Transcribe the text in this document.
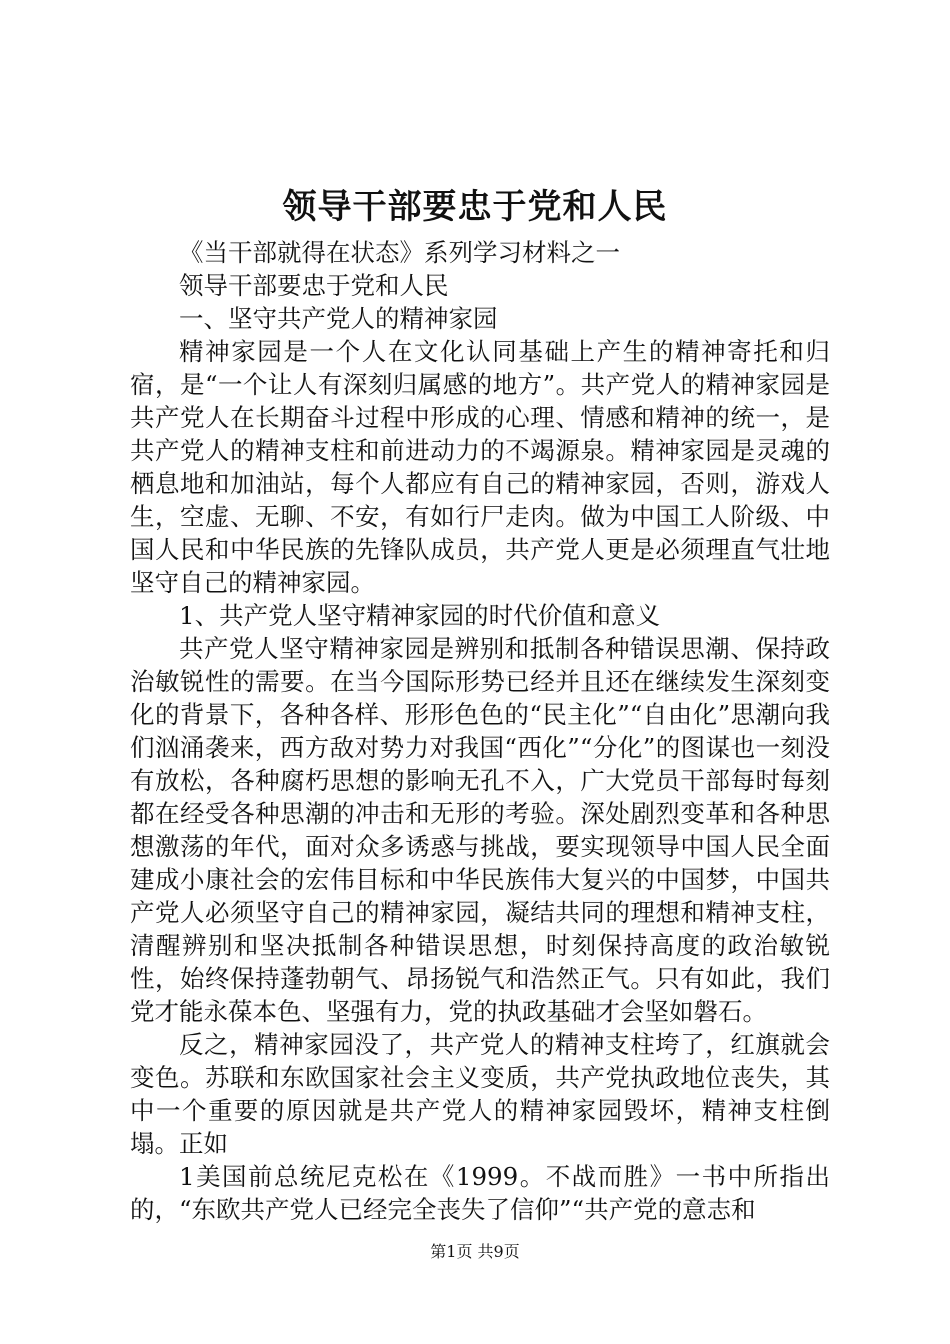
领导干部要忠于党和人民

《当干部就得在状态》系列学习材料之一

领导干部要忠于党和人民

一、坚守共产党人的精神家园

精神家园是一个人在文化认同基础上产生的精神寄托和归宿，是“一个让人有深刻归属感的地方”。共产党人的精神家园是共产党人在长期奋斗过程中形成的心理、情感和精神的统一，是共产党人的精神支柱和前进动力的不竭源泉。精神家园是灵魂的栖息地和加油站，每个人都应有自己的精神家园，否则，游戏人生，空虚、无聊、不安，有如行尸走肉。做为中国工人阶级、中国人民和中华民族的先锋队成员，共产党人更是必须理直气壮地坚守自己的精神家园。

1、共产党人坚守精神家园的时代价值和意义

共产党人坚守精神家园是辨别和抵制各种错误思潮、保持政治敏锐性的需要。在当今国际形势已经并且还在继续发生深刻变化的背景下，各种各样、形形色色的“民主化”“自由化”思潮向我们汹涌袭来，西方敌对势力对我国“西化”“分化”的图谋也一刻没有放松，各种腐朽思想的影响无孔不入，广大党员干部每时每刻都在经受各种思潮的冲击和无形的考验。深处剧烈变革和各种思想激荡的年代，面对众多诱惑与挑战，要实现领导中国人民全面建成小康社会的宏伟目标和中华民族伟大复兴的中国梦，中国共产党人必须坚守自己的精神家园，凝结共同的理想和精神支柱，清醒辨别和坚决抵制各种错误思想，时刻保持高度的政治敏锐性，始终保持蓬勃朝气、昂扬锐气和浩然正气。只有如此，我们党才能永葆本色、坚强有力，党的执政基础才会坚如磐石。

反之，精神家园没了，共产党人的精神支柱垮了，红旗就会变色。苏联和东欧国家社会主义变质，共产党执政地位丧失，其中一个重要的原因就是共产党人的精神家园毁坏，精神支柱倒塌。正如

1美国前总统尼克松在《1999。不战而胜》一书中所指出的，“东欧共产党人已经完全丧失了信仰”“共产党的意志和

第1页 共9页
